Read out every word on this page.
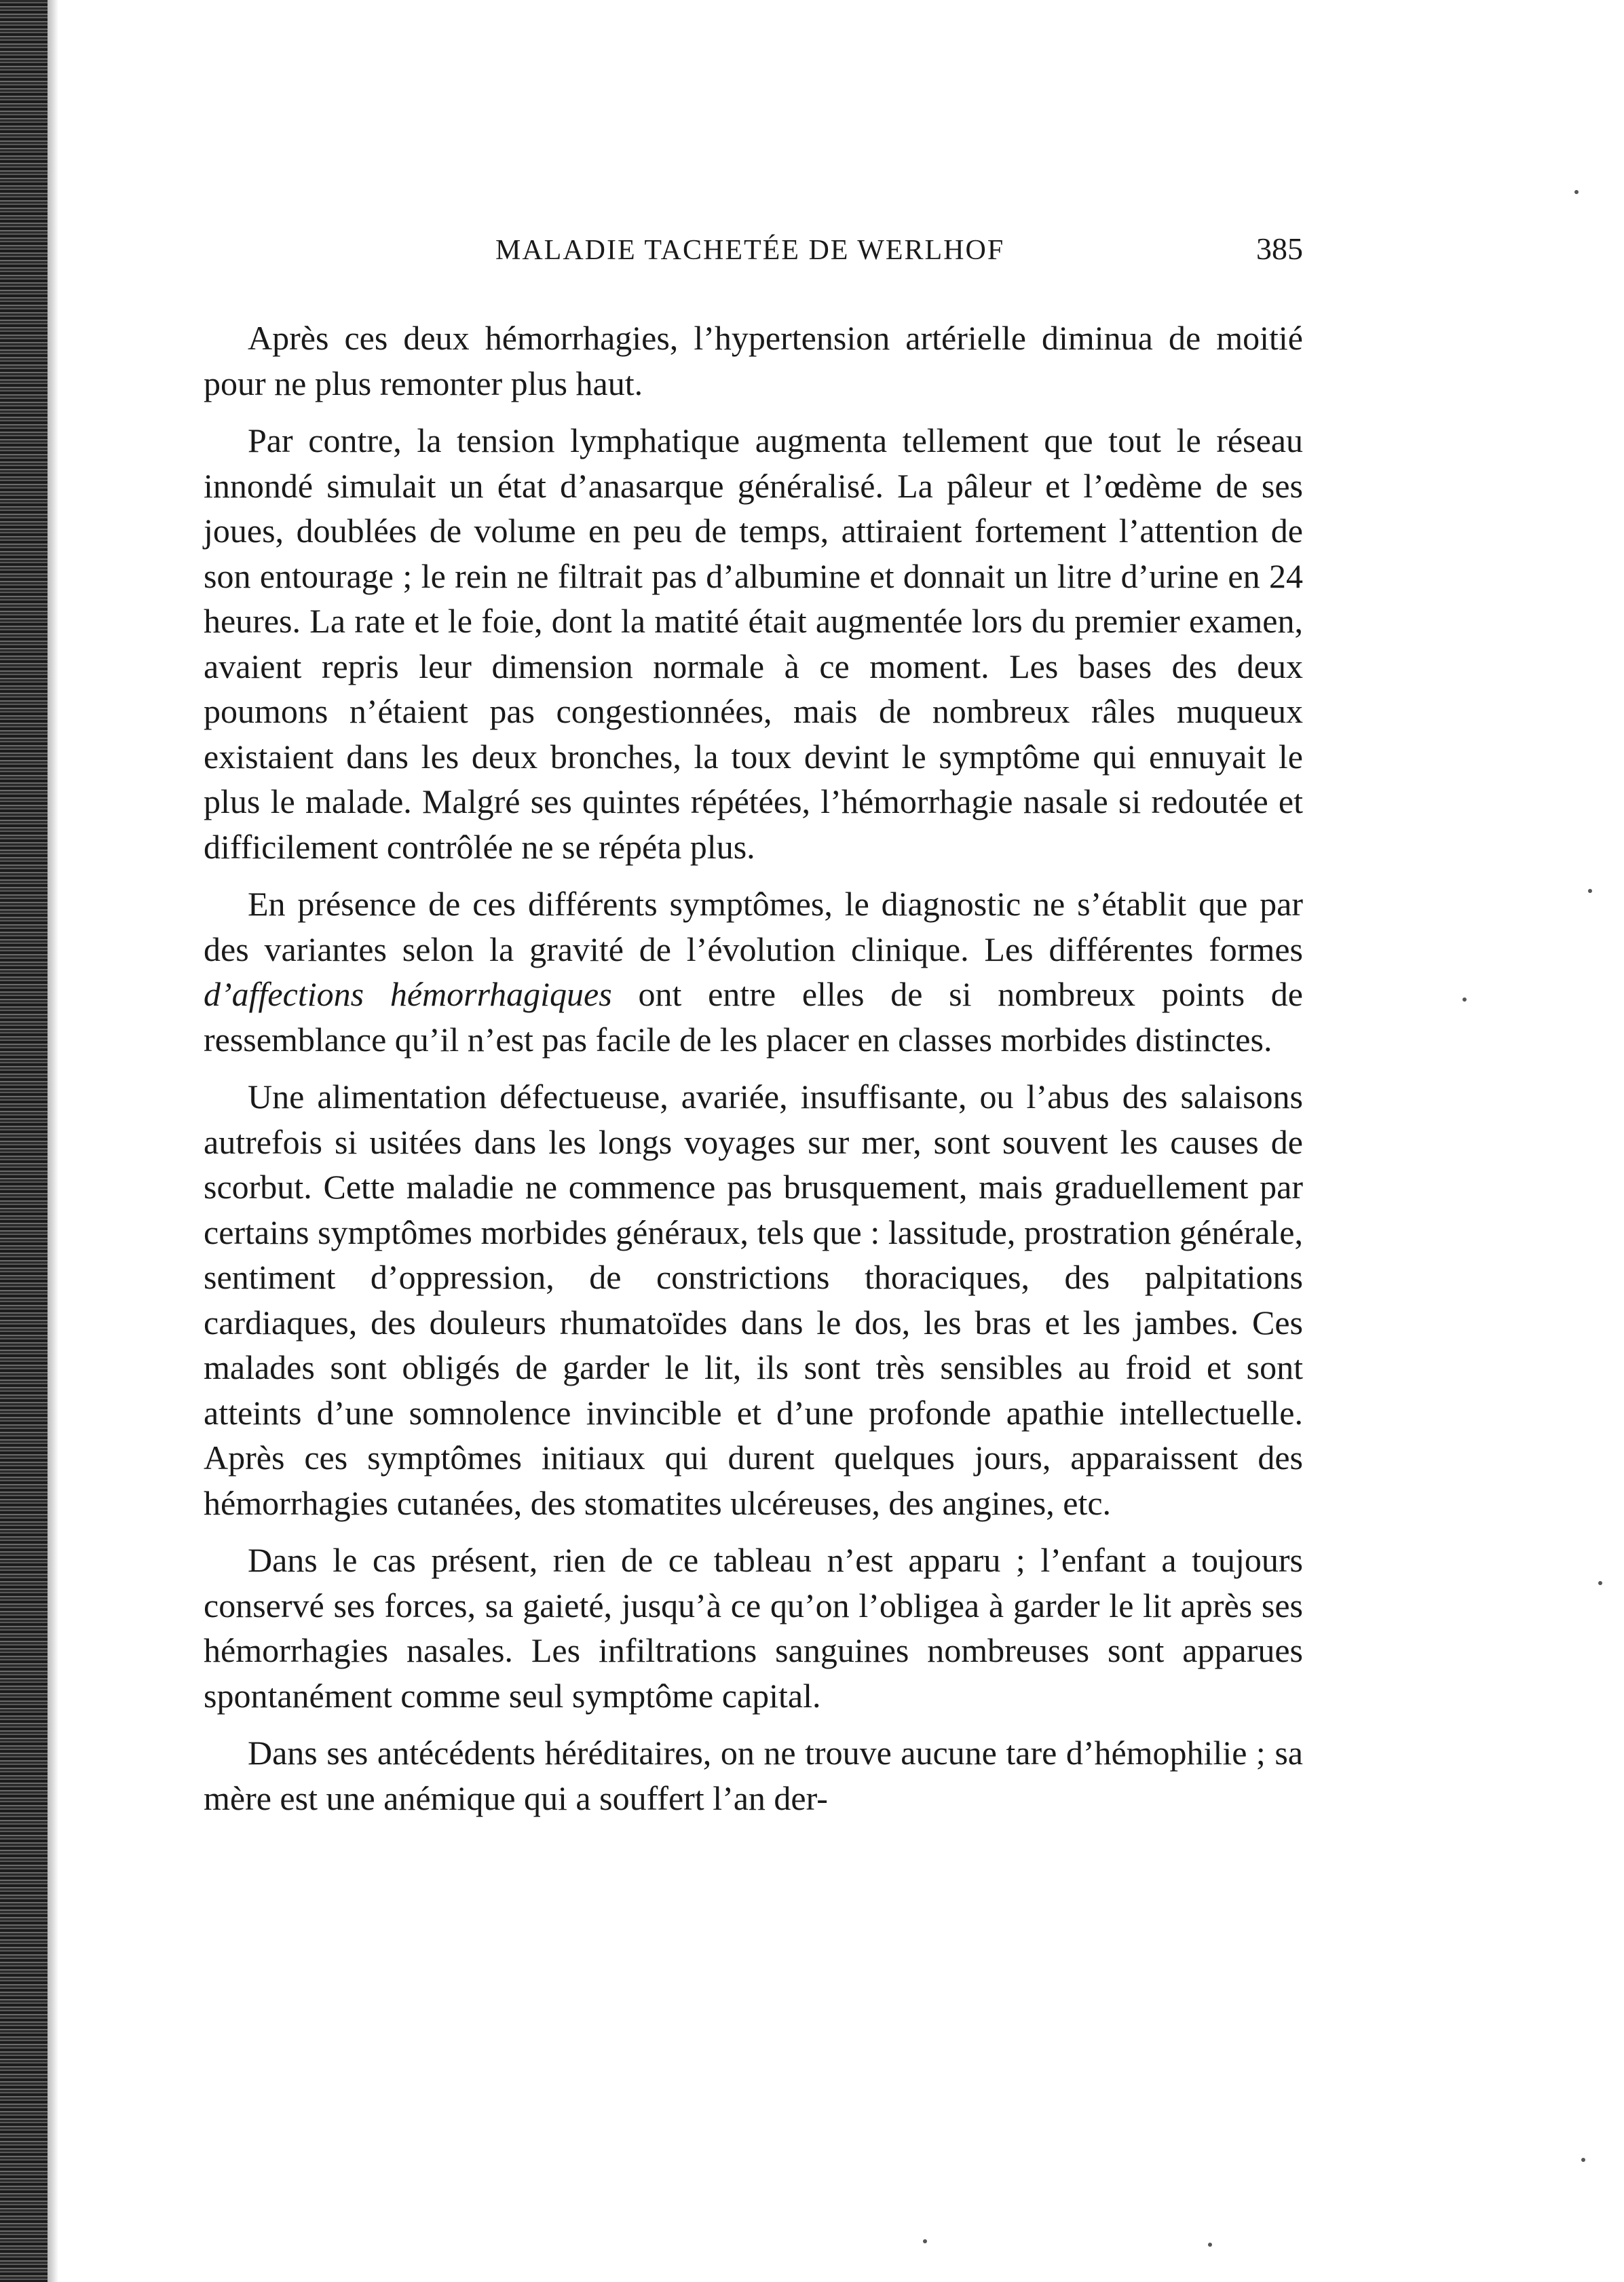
MALADIE TACHETÉE DE WERLHOF	385

Après ces deux hémorrhagies, l’hypertension artérielle diminua de moitié pour ne plus remonter plus haut.

Par contre, la tension lymphatique augmenta tellement que tout le réseau innondé simulait un état d’anasarque généralisé. La pâleur et l’œdème de ses joues, doublées de volume en peu de temps, attiraient fortement l’attention de son entourage ; le rein ne filtrait pas d’albumine et donnait un litre d’urine en 24 heures. La rate et le foie, dont la matité était augmentée lors du premier examen, avaient repris leur dimension normale à ce moment. Les bases des deux poumons n’étaient pas congestionnées, mais de nombreux râles muqueux existaient dans les deux bronches, la toux devint le symptôme qui ennuyait le plus le malade. Malgré ses quintes répétées, l’hémorrhagie nasale si redoutée et difficilement contrôlée ne se répéta plus.

En présence de ces différents symptômes, le diagnostic ne s’établit que par des variantes selon la gravité de l’évolution clinique. Les différentes formes d’affections hémorrhagiques ont entre elles de si nombreux points de ressemblance qu’il n’est pas facile de les placer en classes morbides distinctes.

Une alimentation défectueuse, avariée, insuffisante, ou l’abus des salaisons autrefois si usitées dans les longs voyages sur mer, sont souvent les causes de scorbut. Cette maladie ne commence pas brusquement, mais graduellement par certains symptômes morbides généraux, tels que : lassitude, prostration générale, sentiment d’oppression, de constrictions thoraciques, des palpitations cardiaques, des douleurs rhumatoïdes dans le dos, les bras et les jambes. Ces malades sont obligés de garder le lit, ils sont très sensibles au froid et sont atteints d’une somnolence invincible et d’une profonde apathie intellectuelle. Après ces symptômes initiaux qui durent quelques jours, apparaissent des hémorrhagies cutanées, des stomatites ulcéreuses, des angines, etc.

Dans le cas présent, rien de ce tableau n’est apparu ; l’enfant a toujours conservé ses forces, sa gaieté, jusqu’à ce qu’on l’obligea à garder le lit après ses hémorrhagies nasales. Les infiltrations sanguines nombreuses sont apparues spontanément comme seul symptôme capital.

Dans ses antécédents héréditaires, on ne trouve aucune tare d’hémophilie ; sa mère est une anémique qui a souffert l’an der-
